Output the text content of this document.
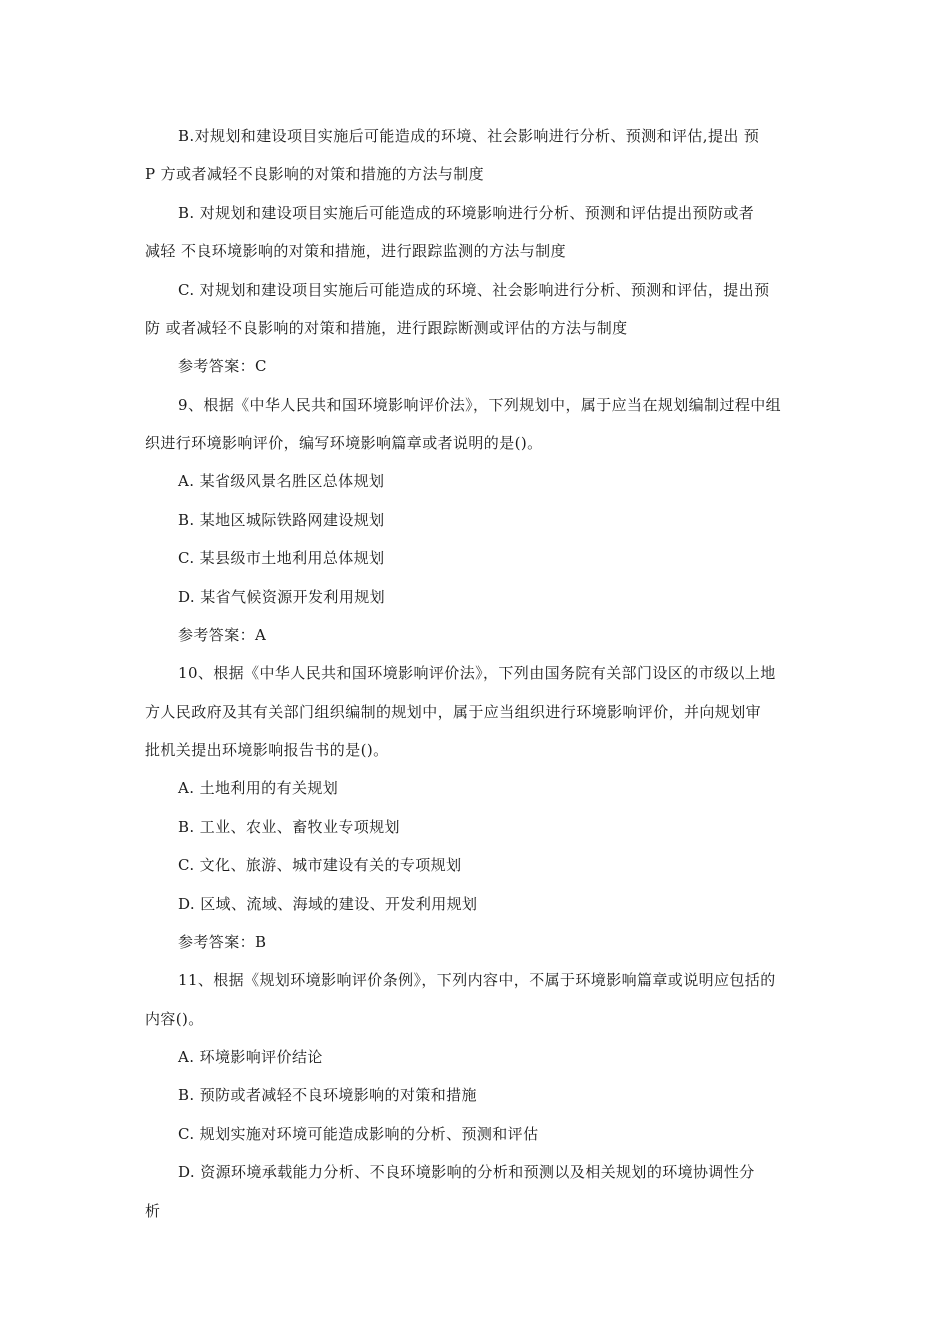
B.对规划和建设项目实施后可能造成的环境、社会影响进行分析、预测和评估,提出 预

P 方或者减轻不良影响的对策和措施的方法与制度

B. 对规划和建设项目实施后可能造成的环境影响进行分析、预测和评估提出预防或者

减轻 不良环境影响的对策和措施，进行跟踪监测的方法与制度

C. 对规划和建设项目实施后可能造成的环境、社会影响进行分析、预测和评估，提出预

防 或者减轻不良影响的对策和措施，进行跟踪断测或评估的方法与制度

参考答案：C

9、根据《中华人民共和国环境影响评价法》，下列规划中，属于应当在规划编制过程中组

织进行环境影响评价，编写环境影响篇章或者说明的是()。

A. 某省级风景名胜区总体规划

B. 某地区城际铁路网建设规划

C. 某县级市土地利用总体规划

D. 某省气候资源开发利用规划

参考答案：A

10、根据《中华人民共和国环境影响评价法》，下列由国务院有关部门设区的市级以上地

方人民政府及其有关部门组织编制的规划中，属于应当组织进行环境影响评价，并向规划审

批机关提出环境影响报告书的是()。

A. 土地利用的有关规划

B. 工业、农业、畜牧业专项规划

C. 文化、旅游、城市建设有关的专项规划

D. 区域、流域、海域的建设、开发利用规划

参考答案：B

11、根据《规划环境影响评价条例》，下列内容中，不属于环境影响篇章或说明应包括的

内容()。

A. 环境影响评价结论

B. 预防或者减轻不良环境影响的对策和措施

C. 规划实施对环境可能造成影响的分析、预测和评估

D. 资源环境承载能力分析、不良环境影响的分析和预测以及相关规划的环境协调性分

析
